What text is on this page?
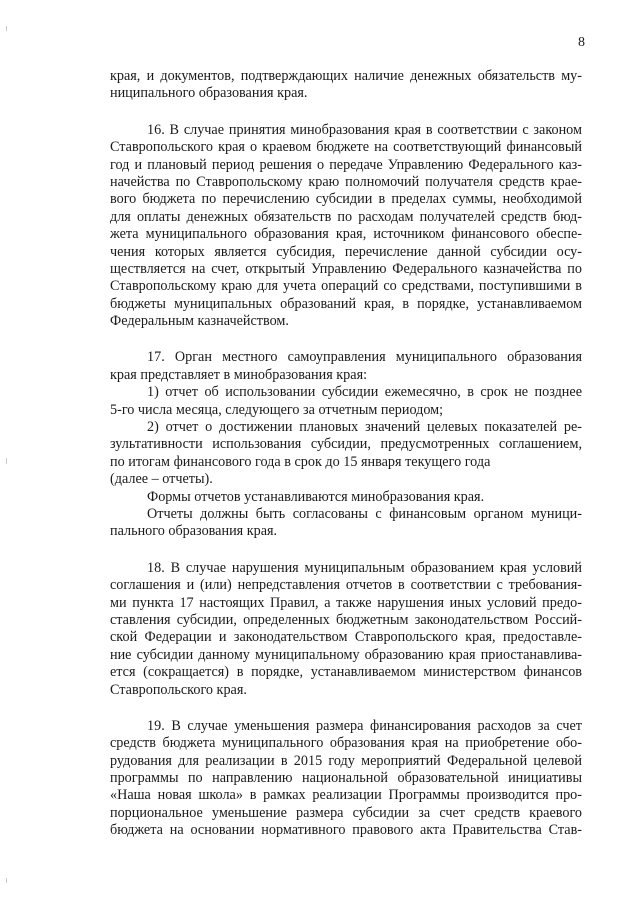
8
края, и документов, подтверждающих наличие денежных обязательств му-
ниципального образования края.
16. В случае принятия минобразования края в соответствии с законом
Ставропольского края о краевом бюджете на соответствующий финансовый
год и плановый период решения о передаче Управлению Федерального каз-
начейства по Ставропольскому краю полномочий получателя средств крае-
вого бюджета по перечислению субсидии в пределах суммы, необходимой
для оплаты денежных обязательств по расходам получателей средств бюд-
жета муниципального образования края, источником финансового обеспе-
чения которых является субсидия, перечисление данной субсидии осу-
ществляется на счет, открытый Управлению Федерального казначейства по
Ставропольскому краю для учета операций со средствами, поступившими в
бюджеты муниципальных образований края, в порядке, устанавливаемом
Федеральным казначейством.
17. Орган местного самоуправления муниципального образования
края представляет в минобразования края:
1) отчет об использовании субсидии ежемесячно, в срок не позднее
5-го числа месяца, следующего за отчетным периодом;
2) отчет о достижении плановых значений целевых показателей ре-
зультативности использования субсидии, предусмотренных соглашением,
по итогам финансового года в срок до 15 января текущего года
(далее – отчеты).
Формы отчетов устанавливаются минобразования края.
Отчеты должны быть согласованы с финансовым органом муници-
пального образования края.
18. В случае нарушения муниципальным образованием края условий
соглашения и (или) непредставления отчетов в соответствии с требования-
ми пункта 17 настоящих Правил, а также нарушения иных условий предо-
ставления субсидии, определенных бюджетным законодательством Россий-
ской Федерации и законодательством Ставропольского края, предоставле-
ние субсидии данному муниципальному образованию края приостанавлива-
ется (сокращается) в порядке, устанавливаемом министерством финансов
Ставропольского края.
19. В случае уменьшения размера финансирования расходов за счет
средств бюджета муниципального образования края на приобретение обо-
рудования для реализации в 2015 году мероприятий Федеральной целевой
программы по направлению национальной образовательной инициативы
«Наша новая школа» в рамках реализации Программы производится про-
порциональное уменьшение размера субсидии за счет средств краевого
бюджета на основании нормативного правового акта Правительства Став-
